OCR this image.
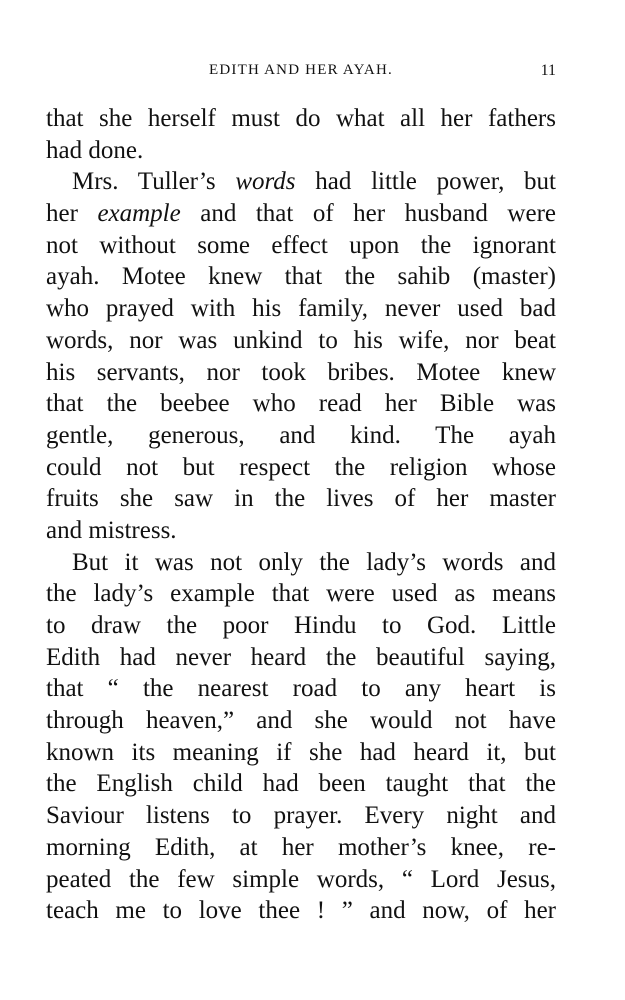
EDITH AND HER AYAH.	11
that she herself must do what all her fathers
had done.
Mrs. Tuller’s words had little power, but
her example and that of her husband were
not without some effect upon the ignorant
ayah. Motee knew that the sahib (master)
who prayed with his family, never used bad
words, nor was unkind to his wife, nor beat
his servants, nor took bribes. Motee knew
that the beebee who read her Bible was
gentle, generous, and kind. The ayah
could not but respect the religion whose
fruits she saw in the lives of her master
and mistress.
But it was not only the lady’s words and
the lady’s example that were used as means
to draw the poor Hindu to God. Little
Edith had never heard the beautiful saying,
that “ the nearest road to any heart is
through heaven,” and she would not have
known its meaning if she had heard it, but
the English child had been taught that the
Saviour listens to prayer. Every night and
morning Edith, at her mother’s knee, re-
peated the few simple words, “ Lord Jesus,
teach me to love thee ! ” and now, of her
